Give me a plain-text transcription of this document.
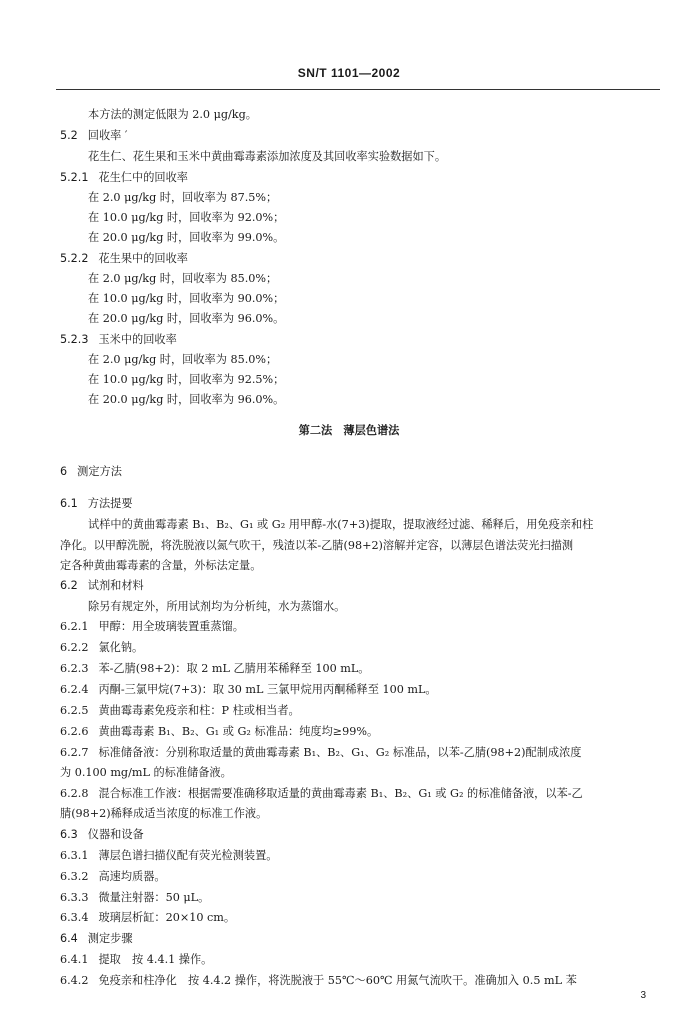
SN/T 1101—2002
本方法的测定低限为 2.0 μg/kg。
5.2 回收率 ′
花生仁、花生果和玉米中黄曲霉毒素添加浓度及其回收率实验数据如下。
5.2.1 花生仁中的回收率
在 2.0 μg/kg 时，回收率为 87.5%；
在 10.0 μg/kg 时，回收率为 92.0%；
在 20.0 μg/kg 时，回收率为 99.0%。
5.2.2 花生果中的回收率
在 2.0 μg/kg 时，回收率为 85.0%；
在 10.0 μg/kg 时，回收率为 90.0%；
在 20.0 μg/kg 时，回收率为 96.0%。
5.2.3 玉米中的回收率
在 2.0 μg/kg 时，回收率为 85.0%；
在 10.0 μg/kg 时，回收率为 92.5%；
在 20.0 μg/kg 时，回收率为 96.0%。
第二法　薄层色谱法
6 测定方法
6.1 方法提要
试样中的黄曲霉毒素 B₁、B₂、G₁ 或 G₂ 用甲醇-水(7+3)提取，提取液经过滤、稀释后，用免疫亲和柱
净化。以甲醇洗脱，将洗脱液以氮气吹干，残渣以苯-乙腈(98+2)溶解并定容，以薄层色谱法荧光扫描测
定各种黄曲霉毒素的含量，外标法定量。
6.2 试剂和材料
除另有规定外，所用试剂均为分析纯，水为蒸馏水。
6.2.1 甲醇：用全玻璃装置重蒸馏。
6.2.2 氯化钠。
6.2.3 苯-乙腈(98+2)：取 2 mL 乙腈用苯稀释至 100 mL。
6.2.4 丙酮-三氯甲烷(7+3)：取 30 mL 三氯甲烷用丙酮稀释至 100 mL。
6.2.5 黄曲霉毒素免疫亲和柱：P 柱或相当者。
6.2.6 黄曲霉毒素 B₁、B₂、G₁ 或 G₂ 标准品：纯度均≥99%。
6.2.7 标准储备液：分别称取适量的黄曲霉毒素 B₁、B₂、G₁、G₂ 标准品，以苯-乙腈(98+2)配制成浓度
为 0.100 mg/mL 的标准储备液。
6.2.8 混合标准工作液：根据需要准确移取适量的黄曲霉毒素 B₁、B₂、G₁ 或 G₂ 的标准储备液，以苯-乙
腈(98+2)稀释成适当浓度的标准工作液。
6.3 仪器和设备
6.3.1 薄层色谱扫描仪配有荧光检测装置。
6.3.2 高速均质器。
6.3.3 微量注射器：50 μL。
6.3.4 玻璃层析缸：20×10 cm。
6.4 测定步骤
6.4.1 提取　按 4.4.1 操作。
6.4.2 免疫亲和柱净化　按 4.4.2 操作，将洗脱液于 55℃～60℃ 用氮气流吹干。准确加入 0.5 mL 苯
3
